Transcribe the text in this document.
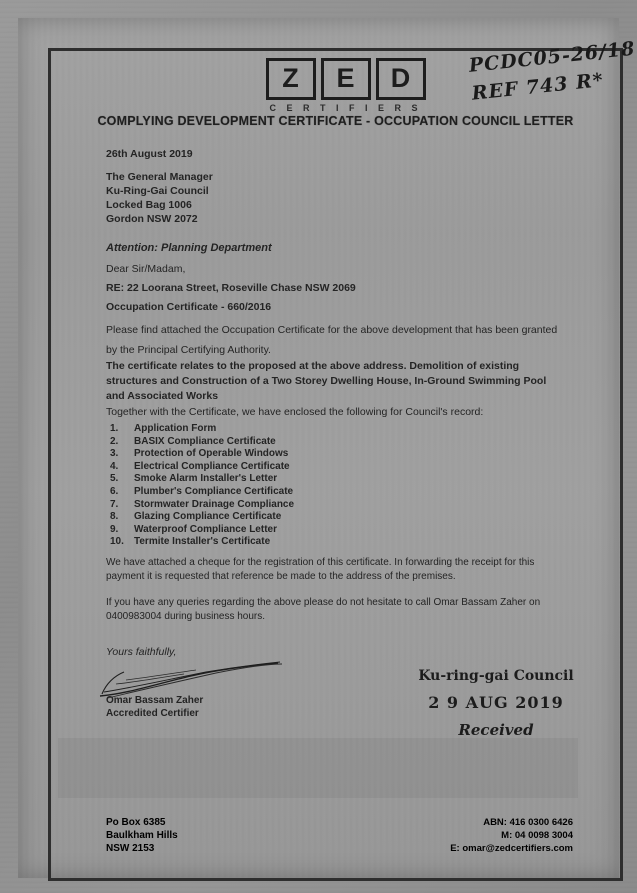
PCDC05-26/18
REF 743 R*
Z	E	D
C E R T I F I E R S
COMPLYING DEVELOPMENT CERTIFICATE - OCCUPATION COUNCIL LETTER
26th August 2019
The General Manager
Ku-Ring-Gai Council
Locked Bag 1006
Gordon NSW 2072
Attention: Planning Department
Dear Sir/Madam,
RE: 22 Loorana Street, Roseville Chase NSW 2069
Occupation Certificate - 660/2016
Please find attached the Occupation Certificate for the above development that has been granted by the Principal Certifying Authority.
The certificate relates to the proposed at the above address. Demolition of existing structures and Construction of a Two Storey Dwelling House, In-Ground Swimming Pool and Associated Works
Together with the Certificate, we have enclosed the following for Council's record:
1.	Application Form
2.	BASIX Compliance Certificate
3.	Protection of Operable Windows
4.	Electrical Compliance Certificate
5.	Smoke Alarm Installer's Letter
6.	Plumber's Compliance Certificate
7.	Stormwater Drainage Compliance
8.	Glazing Compliance Certificate
9.	Waterproof Compliance Letter
10.	Termite Installer's Certificate
We have attached a cheque for the registration of this certificate. In forwarding the receipt for this payment it is requested that reference be made to the address of the premises.
If you have any queries regarding the above please do not hesitate to call Omar Bassam Zaher on 0400983004 during business hours.
Yours faithfully,
Omar Bassam Zaher
Accredited Certifier
Ku-ring-gai Council
2 9 AUG 2019
Received
Po Box 6385
Baulkham Hills
NSW 2153
ABN: 416 0300 6426
M: 04 0098 3004
E: omar@zedcertifiers.com
